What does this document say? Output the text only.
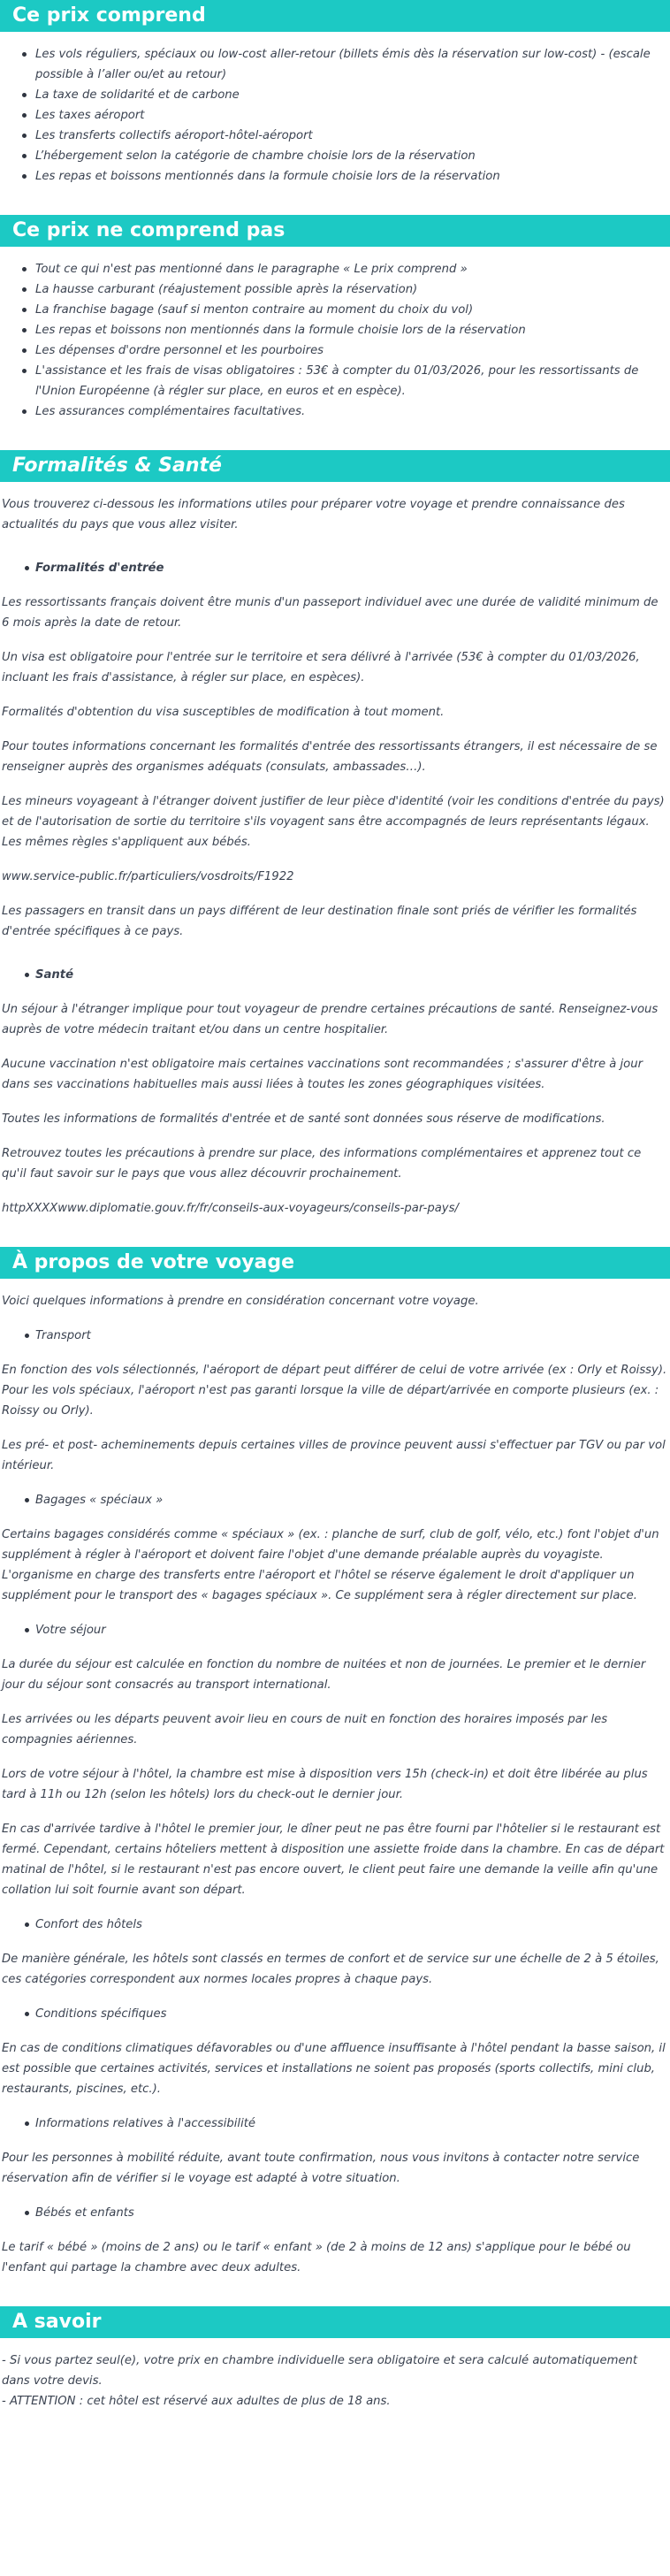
Ce prix comprend
Les vols réguliers, spéciaux ou low-cost aller-retour (billets émis dès la réservation sur low-cost) - (escale possible à l’aller ou/et au retour)
La taxe de solidarité et de carbone
Les taxes aéroport
Les transferts collectifs aéroport-hôtel-aéroport
L’hébergement selon la catégorie de chambre choisie lors de la réservation
Les repas et boissons mentionnés dans la formule choisie lors de la réservation
Ce prix ne comprend pas
Tout ce qui n'est pas mentionné dans le paragraphe « Le prix comprend »
La hausse carburant (réajustement possible après la réservation)
La franchise bagage (sauf si menton contraire au moment du choix du vol)
Les repas et boissons non mentionnés dans la formule choisie lors de la réservation
Les dépenses d'ordre personnel et les pourboires
L'assistance et les frais de visas obligatoires : 53€ à compter du 01/03/2026, pour les ressortissants de l'Union Européenne (à régler sur place, en euros et en espèce).
Les assurances complémentaires facultatives.
Formalités & Santé

Vous trouverez ci-dessous les informations utiles pour préparer votre voyage et prendre connaissance des actualités du pays que vous allez visiter.

Formalités d'entrée

Les ressortissants français doivent être munis d'un passeport individuel avec une durée de validité minimum de 6 mois après la date de retour.

Un visa est obligatoire pour l'entrée sur le territoire et sera délivré à l'arrivée (53€ à compter du 01/03/2026, incluant les frais d'assistance, à régler sur place, en espèces).

Formalités d'obtention du visa susceptibles de modification à tout moment.

Pour toutes informations concernant les formalités d'entrée des ressortissants étrangers, il est nécessaire de se renseigner auprès des organismes adéquats (consulats, ambassades…).

Les mineurs voyageant à l'étranger doivent justifier de leur pièce d'identité (voir les conditions d'entrée du pays) et de l'autorisation de sortie du territoire s'ils voyagent sans être accompagnés de leurs représentants légaux. Les mêmes règles s'appliquent aux bébés.

www.service-public.fr/particuliers/vosdroits/F1922

Les passagers en transit dans un pays différent de leur destination finale sont priés de vérifier les formalités d'entrée spécifiques à ce pays.

Santé

Un séjour à l'étranger implique pour tout voyageur de prendre certaines précautions de santé. Renseignez-vous auprès de votre médecin traitant et/ou dans un centre hospitalier.

Aucune vaccination n'est obligatoire mais certaines vaccinations sont recommandées ; s'assurer d'être à jour dans ses vaccinations habituelles mais aussi liées à toutes les zones géographiques visitées.

Toutes les informations de formalités d'entrée et de santé sont données sous réserve de modifications.

Retrouvez toutes les précautions à prendre sur place, des informations complémentaires et apprenez tout ce qu'il faut savoir sur le pays que vous allez découvrir prochainement.

httpXXXXwww.diplomatie.gouv.fr/fr/conseils-aux-voyageurs/conseils-par-pays/

À propos de votre voyage

Voici quelques informations à prendre en considération concernant votre voyage.

Transport

En fonction des vols sélectionnés, l'aéroport de départ peut différer de celui de votre arrivée (ex : Orly et Roissy). Pour les vols spéciaux, l'aéroport n'est pas garanti lorsque la ville de départ/arrivée en comporte plusieurs (ex. : Roissy ou Orly).

Les pré- et post- acheminements depuis certaines villes de province peuvent aussi s'effectuer par TGV ou par vol intérieur.

Bagages « spéciaux »

Certains bagages considérés comme « spéciaux » (ex. : planche de surf, club de golf, vélo, etc.) font l'objet d'un supplément à régler à l'aéroport et doivent faire l'objet d'une demande préalable auprès du voyagiste. L'organisme en charge des transferts entre l'aéroport et l'hôtel se réserve également le droit d'appliquer un supplément pour le transport des « bagages spéciaux ». Ce supplément sera à régler directement sur place.

Votre séjour

La durée du séjour est calculée en fonction du nombre de nuitées et non de journées. Le premier et le dernier jour du séjour sont consacrés au transport international.

Les arrivées ou les départs peuvent avoir lieu en cours de nuit en fonction des horaires imposés par les compagnies aériennes.

Lors de votre séjour à l'hôtel, la chambre est mise à disposition vers 15h (check-in) et doit être libérée au plus tard à 11h ou 12h (selon les hôtels) lors du check-out le dernier jour.

En cas d'arrivée tardive à l'hôtel le premier jour, le dîner peut ne pas être fourni par l'hôtelier si le restaurant est fermé. Cependant, certains hôteliers mettent à disposition une assiette froide dans la chambre. En cas de départ matinal de l'hôtel, si le restaurant n'est pas encore ouvert, le client peut faire une demande la veille afin qu'une collation lui soit fournie avant son départ.

Confort des hôtels

De manière générale, les hôtels sont classés en termes de confort et de service sur une échelle de 2 à 5 étoiles, ces catégories correspondent aux normes locales propres à chaque pays.

Conditions spécifiques

En cas de conditions climatiques défavorables ou d'une affluence insuffisante à l'hôtel pendant la basse saison, il est possible que certaines activités, services et installations ne soient pas proposés (sports collectifs, mini club, restaurants, piscines, etc.).

Informations relatives à l'accessibilité

Pour les personnes à mobilité réduite, avant toute confirmation, nous vous invitons à contacter notre service réservation afin de vérifier si le voyage est adapté à votre situation.

Bébés et enfants

Le tarif « bébé » (moins de 2 ans) ou le tarif « enfant » (de 2 à moins de 12 ans) s'applique pour le bébé ou l'enfant qui partage la chambre avec deux adultes.

A savoir

- Si vous partez seul(e), votre prix en chambre individuelle sera obligatoire et sera calculé automatiquement dans votre devis.

- ATTENTION : cet hôtel est réservé aux adultes de plus de 18 ans.
